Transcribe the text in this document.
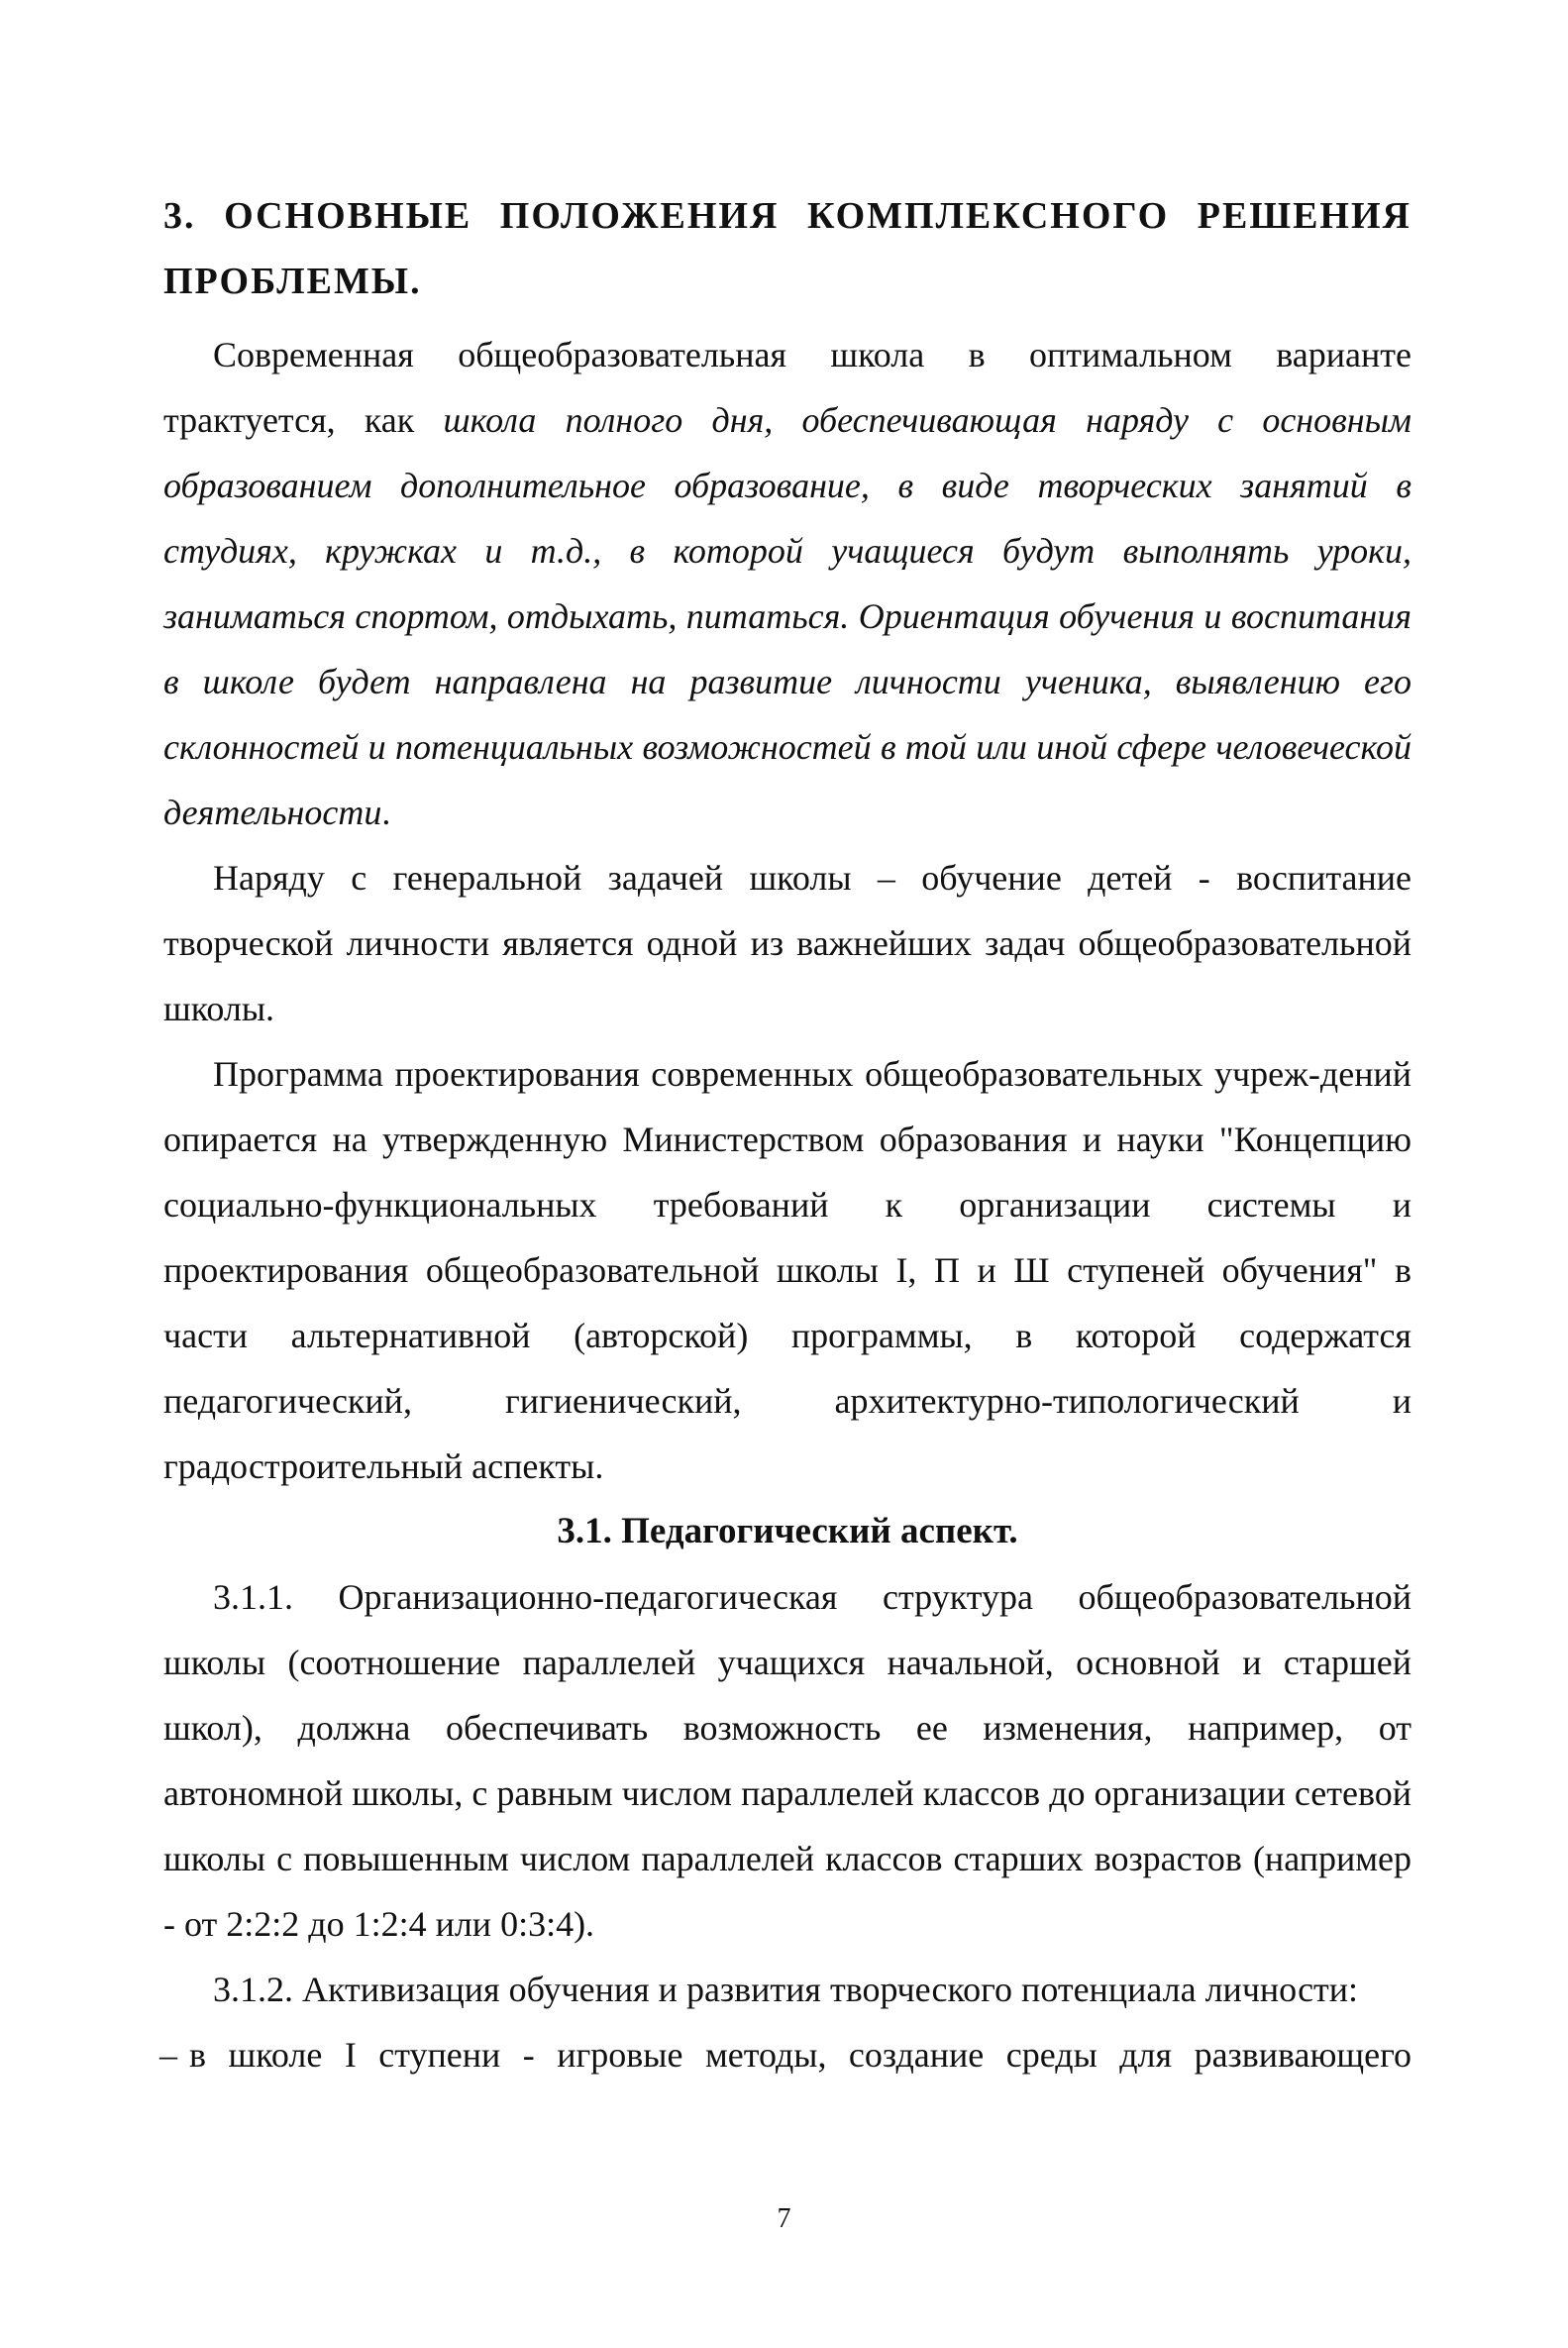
3. ОСНОВНЫЕ ПОЛОЖЕНИЯ КОМПЛЕКСНОГО РЕШЕНИЯ ПРОБЛЕМЫ.

Современная общеобразовательная школа в оптимальном варианте трактуется, как школа полного дня, обеспечивающая наряду с основным образованием дополнительное образование, в виде творческих занятий в студиях, кружках и т.д., в которой учащиеся будут выполнять уроки, заниматься спортом, отдыхать, питаться. Ориентация обучения и воспитания в школе будет направлена на развитие личности ученика, выявлению его склонностей и потенциальных возможностей в той или иной сфере человеческой деятельности.

Наряду с генеральной задачей школы – обучение детей - воспитание творческой личности является одной из важнейших задач общеобразовательной школы.

Программа проектирования современных общеобразовательных учреж-дений опирается на утвержденную Министерством образования и науки "Концепцию социально-функциональных требований к организации системы и проектирования общеобразовательной школы I, П и Ш ступеней обучения" в части альтернативной (авторской) программы, в которой содержатся педагогический, гигиенический, архитектурно-типологический и градостроительный аспекты.

3.1. Педагогический аспект.

3.1.1. Организационно-педагогическая структура общеобразовательной школы (соотношение параллелей учащихся начальной, основной и старшей школ), должна обеспечивать возможность ее изменения, например, от автономной школы, с равным числом параллелей классов до организации сетевой школы с повышенным числом параллелей классов старших возрастов (например - от 2:2:2 до 1:2:4 или 0:3:4).

3.1.2. Активизация обучения и развития творческого потенциала личности:

– в школе I ступени - игровые методы, создание среды для развивающего

7
